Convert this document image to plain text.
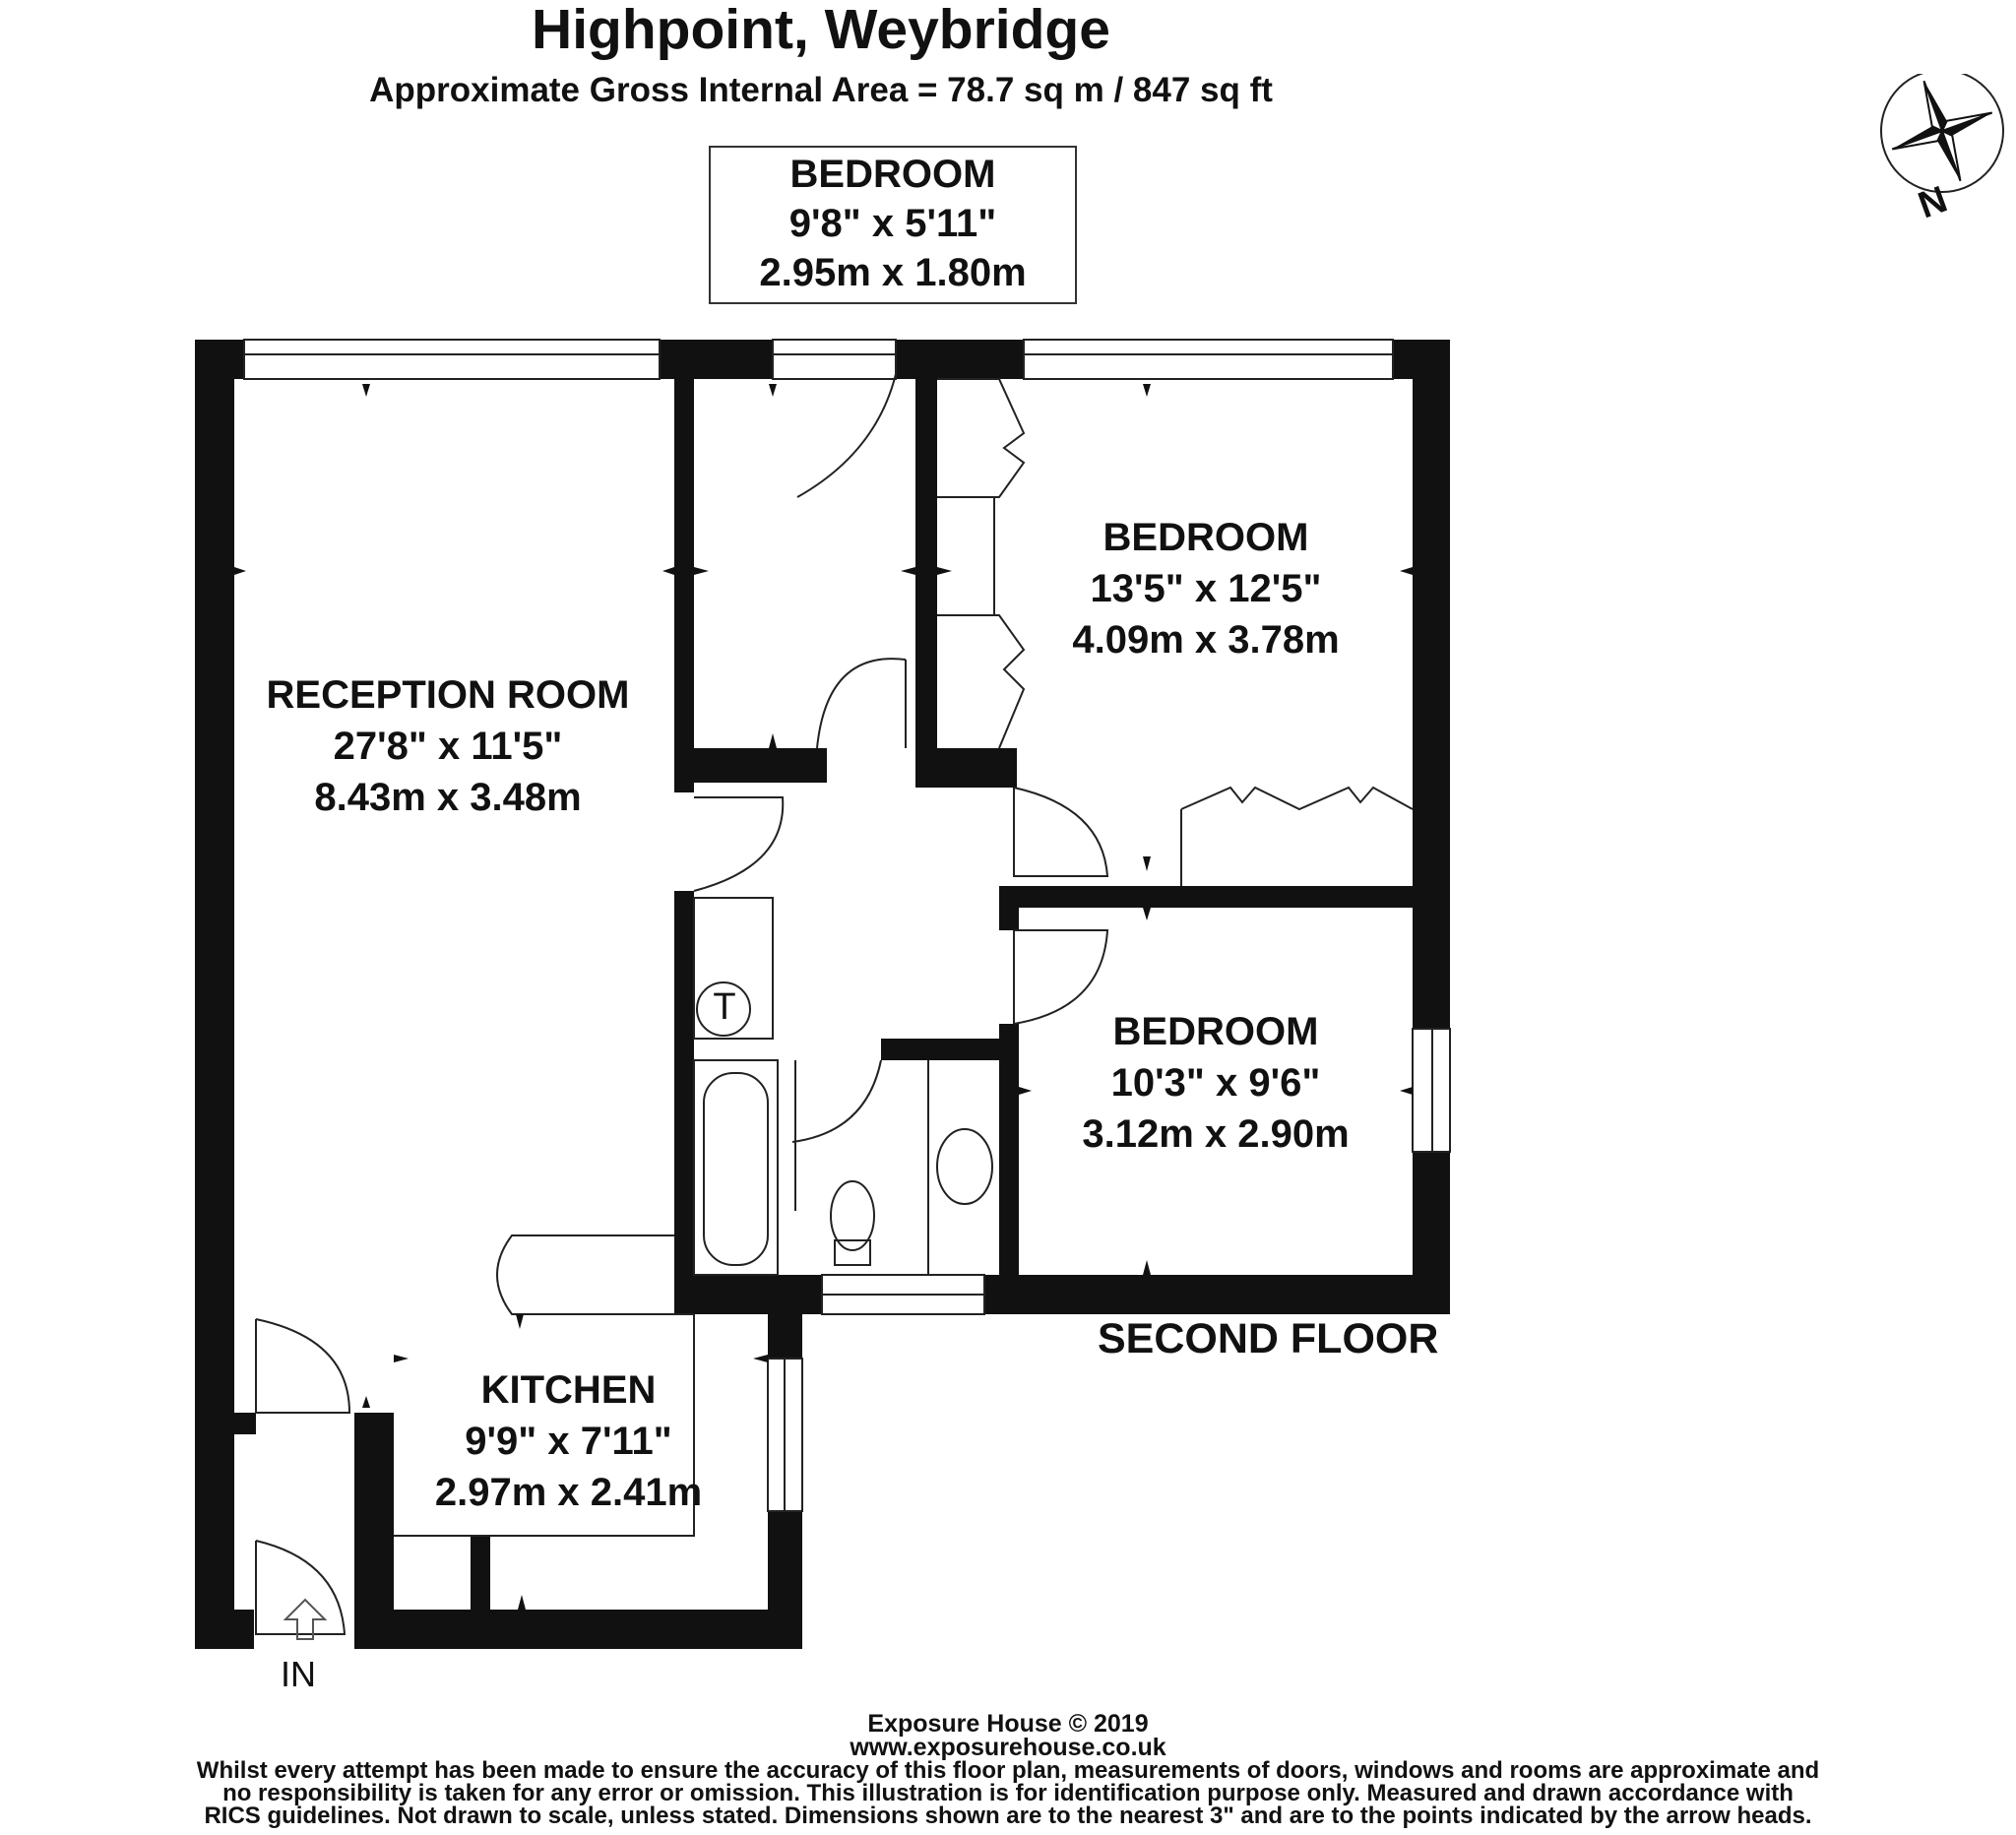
Highpoint, Weybridge
Approximate Gross Internal Area = 78.7 sq m / 847 sq ft
N
BEDROOM
9'8" x 5'11"
2.95m x 1.80m
BEDROOM
13'5" x 12'5"
4.09m x 3.78m
RECEPTION ROOM
27'8" x 11'5"
8.43m x 3.48m
BEDROOM
10'3" x 9'6"
3.12m x 2.90m
KITCHEN
9'9" x 7'11"
2.97m x 2.41m
T
IN
SECOND FLOOR
Exposure House © 2019
www.exposurehouse.co.uk
Whilst every attempt has been made to ensure the accuracy of this floor plan, measurements of doors, windows and rooms are approximate and
no responsibility is taken for any error or omission. This illustration is for identification purpose only. Measured and drawn accordance with
RICS guidelines. Not drawn to scale, unless stated. Dimensions shown are to the nearest 3" and are to the points indicated by the arrow heads.
